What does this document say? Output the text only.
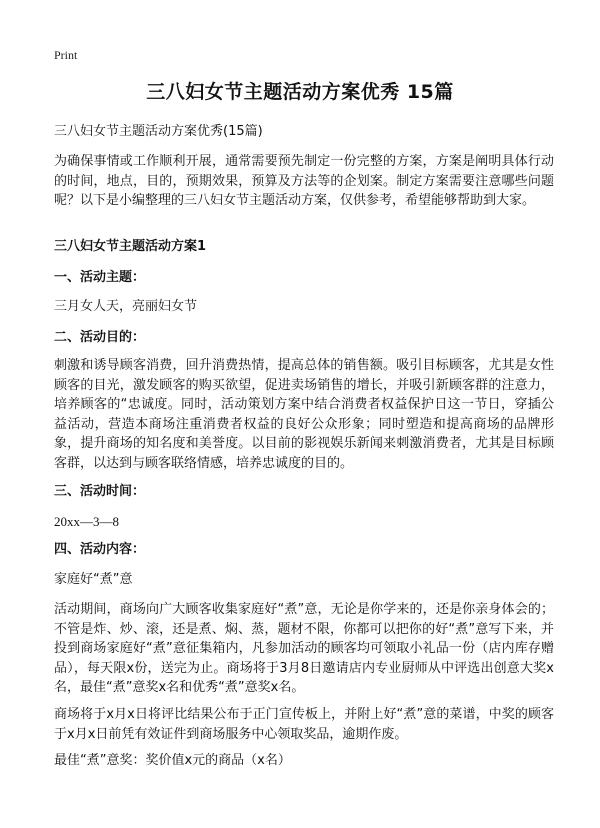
Print
三八妇女节主题活动方案优秀 15篇
三八妇女节主题活动方案优秀(15篇)
为确保事情或工作顺利开展，通常需要预先制定一份完整的方案，方案是阐明具体行动的时间，地点，目的，预期效果，预算及方法等的企划案。制定方案需要注意哪些问题呢？以下是小编整理的三八妇女节主题活动方案，仅供参考，希望能够帮助到大家。
三八妇女节主题活动方案1
一、活动主题：
三月女人天，亮丽妇女节
二、活动目的：
刺激和诱导顾客消费，回升消费热情，提高总体的销售额。吸引目标顾客，尤其是女性顾客的目光，激发顾客的购买欲望，促进卖场销售的增长，并吸引新顾客群的注意力，培养顾客的“忠诚度。同时，活动策划方案中结合消费者权益保护日这一节日，穿插公益活动，营造本商场注重消费者权益的良好公众形象；同时塑造和提高商场的品牌形象，提升商场的知名度和美誉度。以目前的影视娱乐新闻来刺激消费者，尤其是目标顾客群，以达到与顾客联络情感，培养忠诚度的目的。
三、活动时间：
20xx—3—8
四、活动内容：
家庭好“煮”意
活动期间，商场向广大顾客收集家庭好“煮”意，无论是你学来的，还是你亲身体会的；不管是炸、炒、滚，还是煮、焖、蒸，题材不限，你都可以把你的好“煮”意写下来，并投到商场家庭好“煮”意征集箱内，凡参加活动的顾客均可领取小礼品一份（店内库存赠品），每天限x份，送完为止。商场将于3月8日邀请店内专业厨师从中评选出创意大奖x名，最佳“煮”意奖x名和优秀“煮”意奖x名。
商场将于x月x日将评比结果公布于正门宣传板上，并附上好“煮”意的菜谱，中奖的顾客于x月x日前凭有效证件到商场服务中心领取奖品，逾期作废。
最佳“煮”意奖：奖价值x元的商品（x名）
